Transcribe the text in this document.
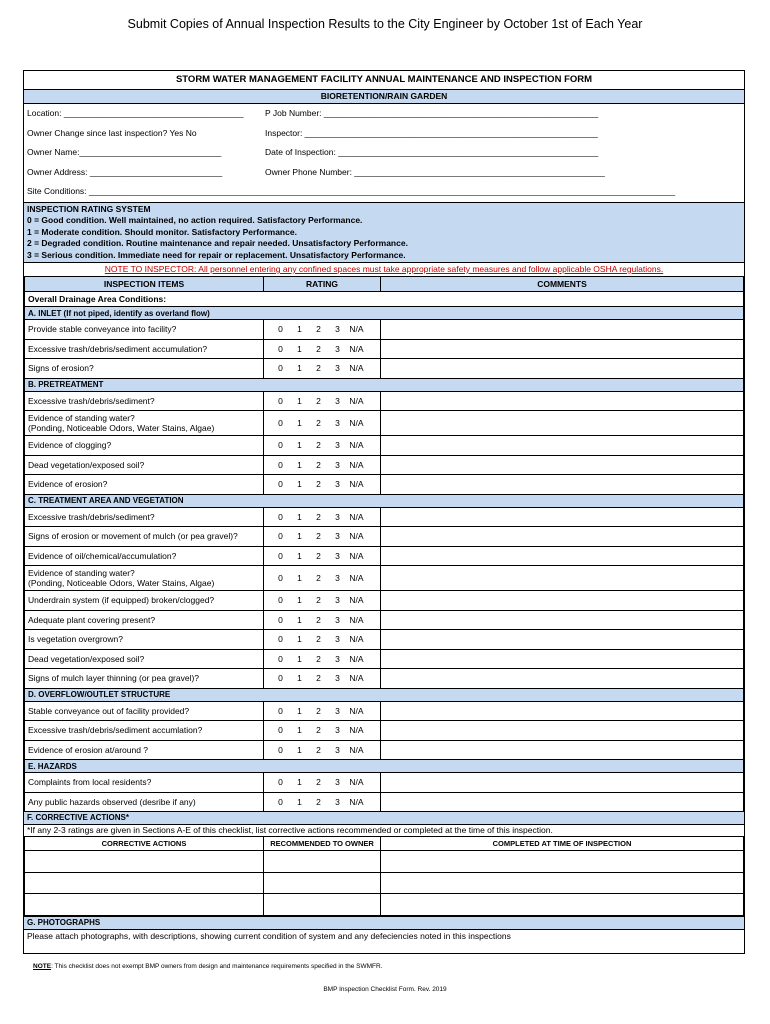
Submit Copies of Annual Inspection Results to the City Engineer by October 1st of Each Year
STORM WATER MANAGEMENT FACILITY ANNUAL MAINTENANCE AND INSPECTION FORM
BIORETENTION/RAIN GARDEN
Location: ______________________________________	P Job Number: __________________________________________________________
Owner Change since last inspection? Yes No	Inspector: ______________________________________________________________
Owner Name:______________________________	Date of Inspection: _______________________________________________________
Owner Address: ____________________________	Owner Phone Number: _____________________________________________________
Site Conditions: ____________________________________________________________________________________________________________________________
INSPECTION RATING SYSTEM
0 = Good condition. Well maintained, no action required. Satisfactory Performance.
1 = Moderate condition. Should monitor. Satisfactory Performance.
2 = Degraded condition. Routine maintenance and repair needed. Unsatisfactory Performance.
3 = Serious condition. Immediate need for repair or replacement. Unsatisfactory Performance.
NOTE TO INSPECTOR: All personnel entering any confined spaces must take appropriate safety measures and follow applicable OSHA regulations.
INSPECTION ITEMS	RATING	COMMENTS
Overall Drainage Area Conditions:		
A. INLET (If not piped, identify as overland flow)		
Provide stable conveyance into facility?	0 1 2 3 N/A	
Excessive trash/debris/sediment accumulation?	0 1 2 3 N/A	
Signs of erosion?	0 1 2 3 N/A	
B. PRETREATMENT		
Excessive trash/debris/sediment?	0 1 2 3 N/A	
Evidence of standing water?
(Ponding, Noticeable Odors, Water Stains, Algae)	0 1 2 3 N/A	
Evidence of clogging?	0 1 2 3 N/A	
Dead vegetation/exposed soil?	0 1 2 3 N/A	
Evidence of erosion?	0 1 2 3 N/A	
C. TREATMENT AREA AND VEGETATION		
Excessive trash/debris/sediment?	0 1 2 3 N/A	
Signs of erosion or movement of mulch (or pea gravel)?	0 1 2 3 N/A	
Evidence of oil/chemical/accumulation?	0 1 2 3 N/A	
Evidence of standing water?
(Ponding, Noticeable Odors, Water Stains, Algae)	0 1 2 3 N/A	
Underdrain system (if equipped) broken/clogged?	0 1 2 3 N/A	
Adequate plant covering present?	0 1 2 3 N/A	
Is vegetation overgrown?	0 1 2 3 N/A	
Dead vegetation/exposed soil?	0 1 2 3 N/A	
Signs of mulch layer thinning (or pea gravel)?	0 1 2 3 N/A	
D. OVERFLOW/OUTLET STRUCTURE		
Stable conveyance out of facility provided?	0 1 2 3 N/A	
Excessive trash/debris/sediment accumlation?	0 1 2 3 N/A	
Evidence of erosion at/around ?	0 1 2 3 N/A	
E. HAZARDS		
Complaints from local residents?	0 1 2 3 N/A	
Any public hazards observed (desribe if any)	0 1 2 3 N/A	
F. CORRECTIVE ACTIONS*
*If any 2-3 ratings are given in Sections A-E of this checklist, list corrective actions recommended or completed at the time of this inspection.
CORRECTIVE ACTIONS	RECOMMENDED TO OWNER	COMPLETED AT TIME OF INSPECTION

G. PHOTOGRAPHS
Please attach photographs, with descriptions, showing current condition of system and any defeciencies noted in this inspections
NOTE: This checklist does not exempt BMP owners from design and maintenance requirements specified in the SWMFR.
BMP Inspection Checklist Form. Rev. 2019
